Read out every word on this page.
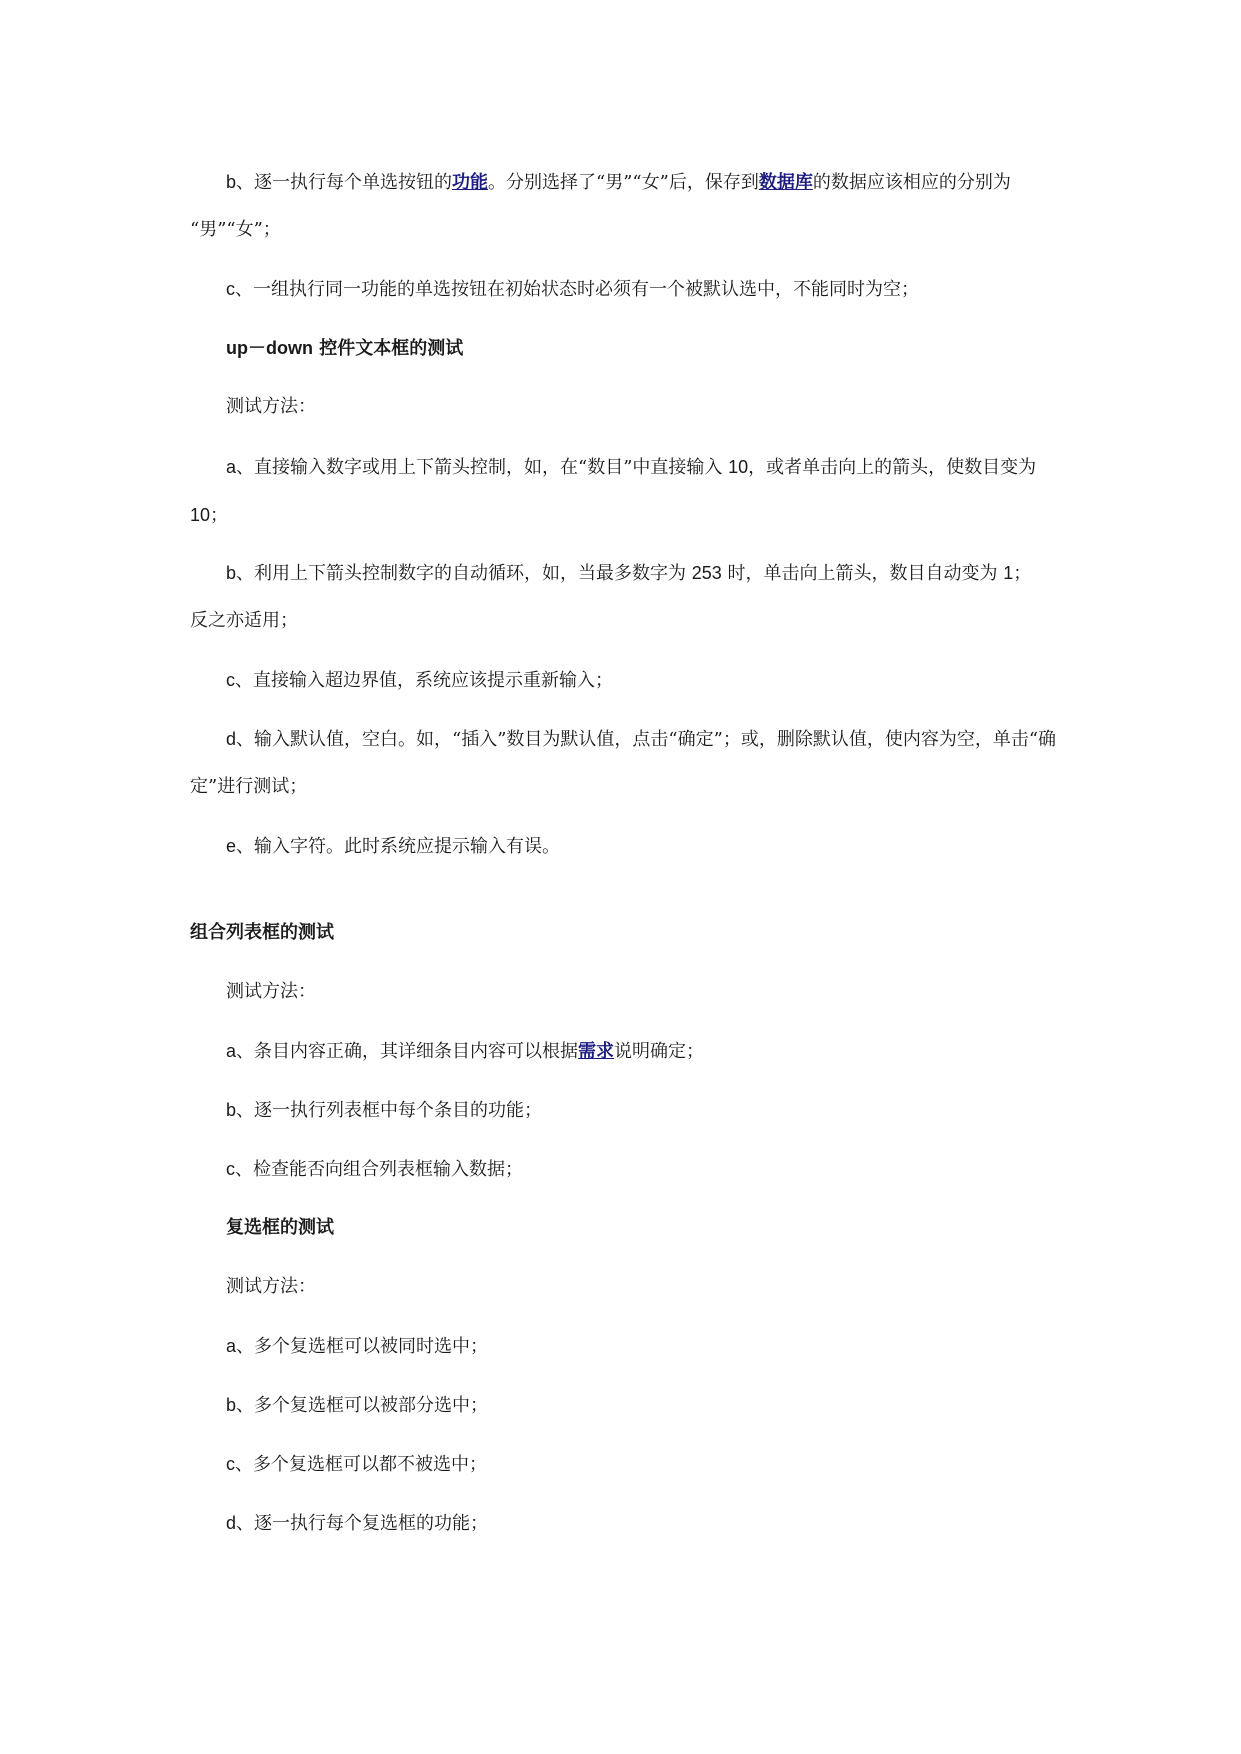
b、逐一执行每个单选按钮的功能。分别选择了“男”“女”后，保存到数据库的数据应该相应的分别为
“男”“女”；
c、一组执行同一功能的单选按钮在初始状态时必须有一个被默认选中，不能同时为空；
up－down 控件文本框的测试
测试方法：
a、直接输入数字或用上下箭头控制，如，在“数目”中直接输入 10，或者单击向上的箭头，使数目变为
10；
b、利用上下箭头控制数字的自动循环，如，当最多数字为 253 时，单击向上箭头，数目自动变为 1；
反之亦适用；
c、直接输入超边界值，系统应该提示重新输入；
d、输入默认值，空白。如，“插入”数目为默认值，点击“确定”；或，删除默认值，使内容为空，单击“确
定”进行测试；
e、输入字符。此时系统应提示输入有误。
组合列表框的测试
测试方法：
a、条目内容正确，其详细条目内容可以根据需求说明确定；
b、逐一执行列表框中每个条目的功能；
c、检查能否向组合列表框输入数据；
复选框的测试
测试方法：
a、多个复选框可以被同时选中；
b、多个复选框可以被部分选中；
c、多个复选框可以都不被选中；
d、逐一执行每个复选框的功能；
